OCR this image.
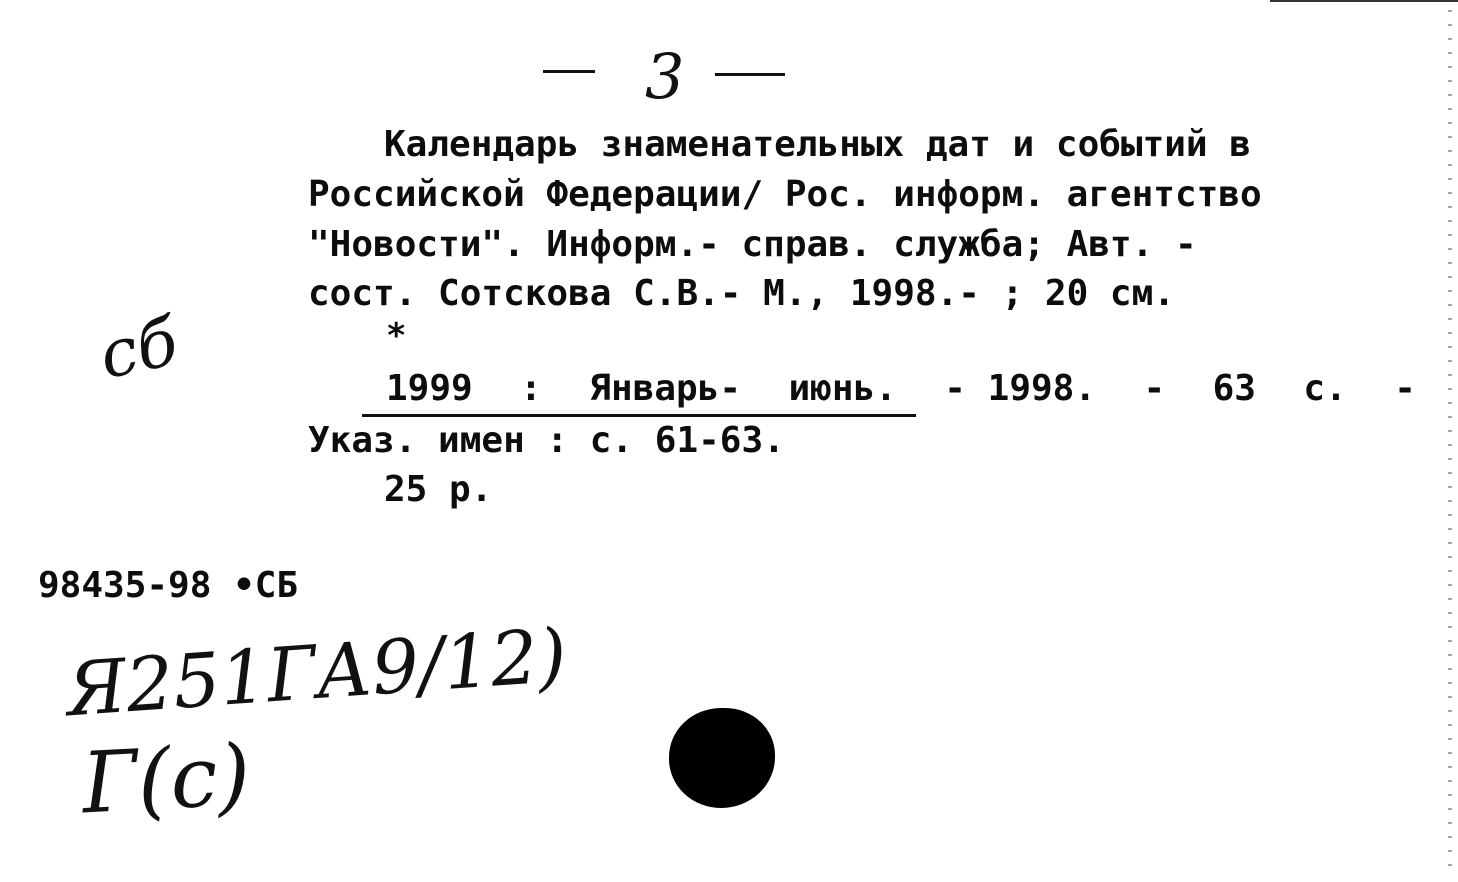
3
Календарь знаменательных дат и событий в
Российской Федерации/ Рос. информ. агентство
"Новости". Информ.- справ. служба; Авт. -
сост. Сотскова С.В.- М., 1998.- ; 20 см.
*
1999 : Январь- июнь. - 1998. - 63 с. -
Указ. имен : с. 61-63.
25 р.
98435-98 •СБ
сб
Я251ГА9/12)
Г(с)
